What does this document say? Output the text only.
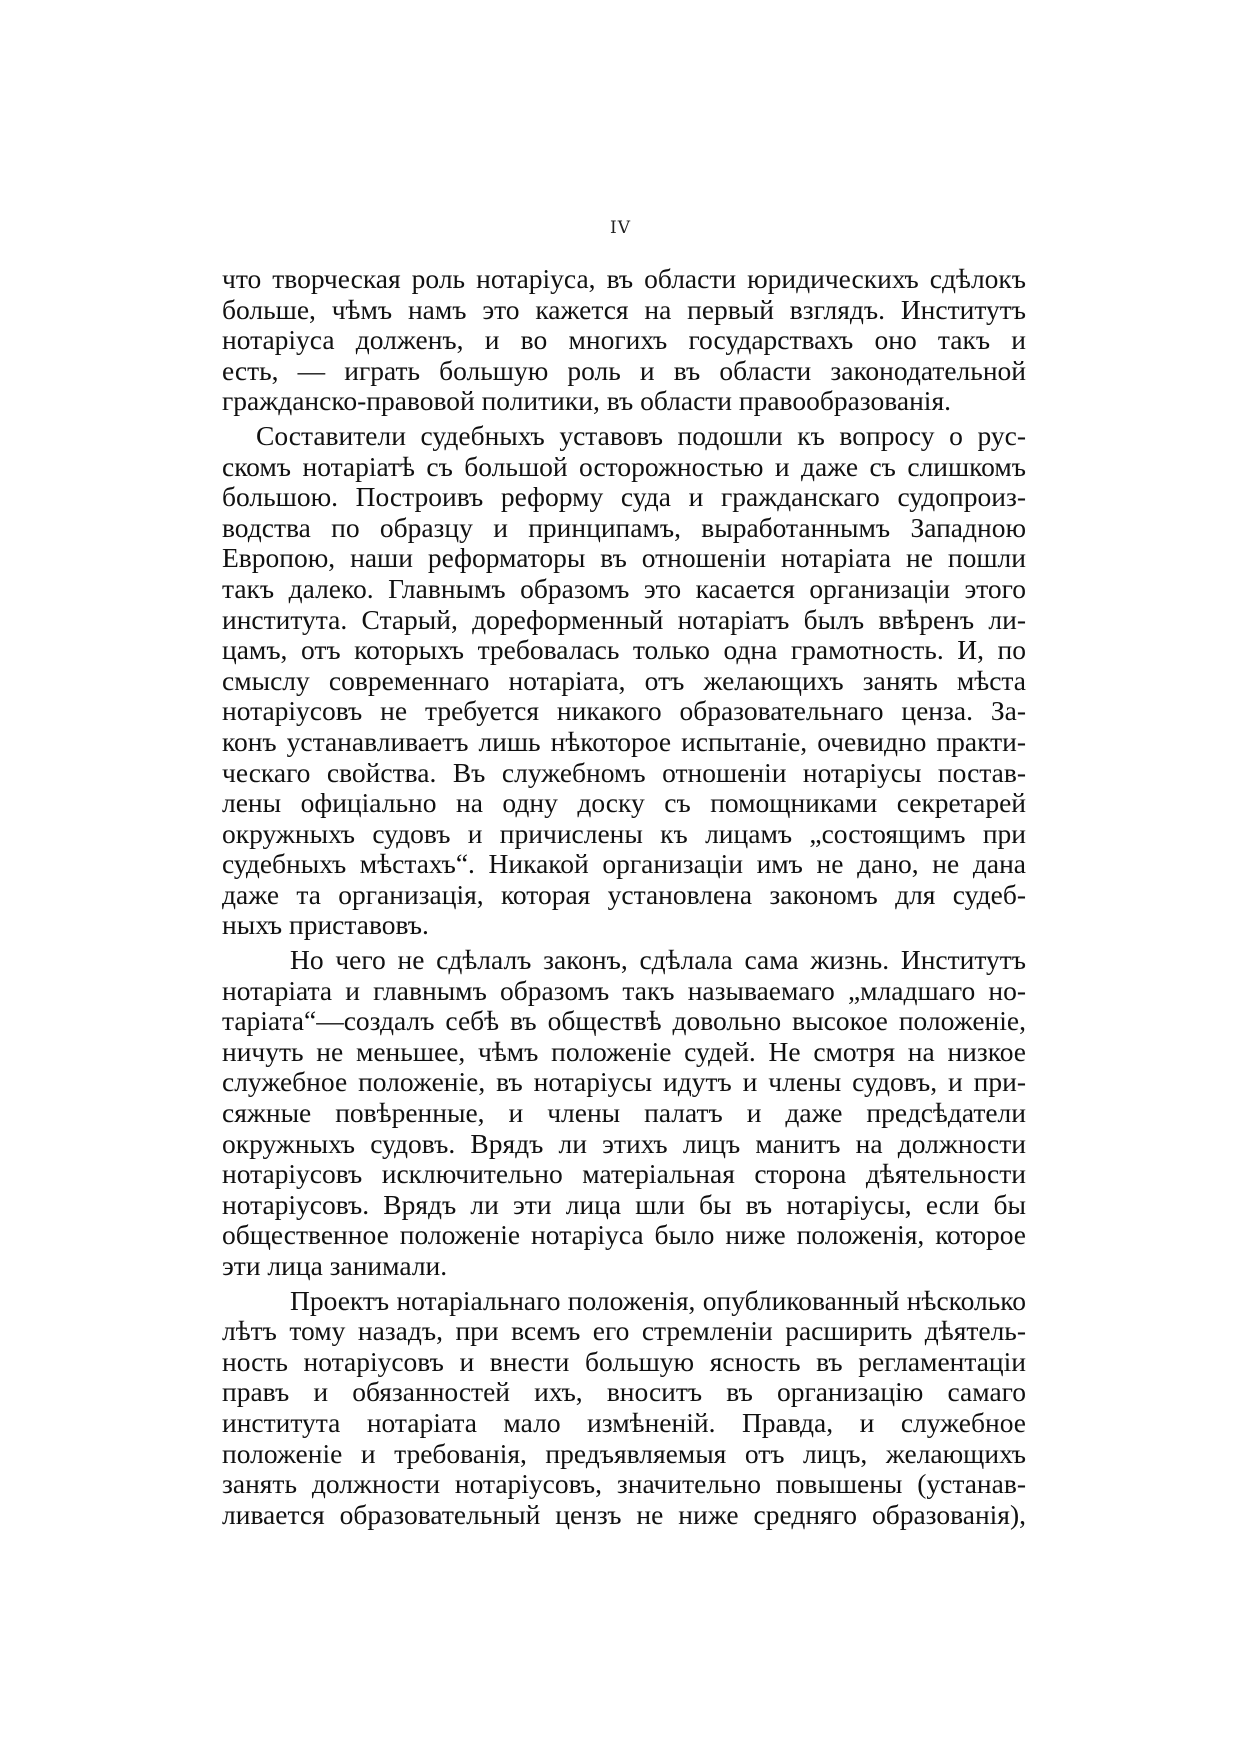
IV
что творческая роль нотаріуса, въ области юридическихъ сдѣлокъ
больше, чѣмъ намъ это кажется на первый взглядъ. Институтъ
нотаріуса долженъ, и во многихъ государствахъ оно такъ и
есть, — играть большую роль и въ области законодательной
гражданско-правовой политики, въ области правообразованія.
Составители судебныхъ уставовъ подошли къ вопросу о рус-
скомъ нотаріатѣ съ большой осторожностью и даже съ слишкомъ
большою. Построивъ реформу суда и гражданскаго судопроиз-
водства по образцу и принципамъ, выработаннымъ Западною
Европою, наши реформаторы въ отношеніи нотаріата не пошли
такъ далеко. Главнымъ образомъ это касается организаціи этого
института. Старый, дореформенный нотаріатъ былъ ввѣренъ ли-
цамъ, отъ которыхъ требовалась только одна грамотность. И, по
смыслу современнаго нотаріата, отъ желающихъ занять мѣста
нотаріусовъ не требуется никакого образовательнаго ценза. За-
конъ устанавливаетъ лишь нѣкоторое испытаніе, очевидно практи-
ческаго свойства. Въ служебномъ отношеніи нотаріусы постав-
лены офиціально на одну доску съ помощниками секретарей
окружныхъ судовъ и причислены къ лицамъ „состоящимъ при
судебныхъ мѣстахъ“. Никакой организаціи имъ не дано, не дана
даже та организація, которая установлена закономъ для судеб-
ныхъ приставовъ.
Но чего не сдѣлалъ законъ, сдѣлала сама жизнь. Институтъ
нотаріата и главнымъ образомъ такъ называемаго „младшаго но-
таріата“—создалъ себѣ въ обществѣ довольно высокое положеніе,
ничуть не меньшее, чѣмъ положеніе судей. Не смотря на низкое
служебное положеніе, въ нотаріусы идутъ и члены судовъ, и при-
сяжные повѣренные, и члены палатъ и даже предсѣдатели
окружныхъ судовъ. Врядъ ли этихъ лицъ манитъ на должности
нотаріусовъ исключительно матеріальная сторона дѣятельности
нотаріусовъ. Врядъ ли эти лица шли бы въ нотаріусы, если бы
общественное положеніе нотаріуса было ниже положенія, которое
эти лица занимали.
Проектъ нотаріальнаго положенія, опубликованный нѣсколько
лѣтъ тому назадъ, при всемъ его стремленіи расширить дѣятель-
ность нотаріусовъ и внести большую ясность въ регламентаціи
правъ и обязанностей ихъ, вноситъ въ организацію самаго
института нотаріата мало измѣненій. Правда, и служебное
положеніе и требованія, предъявляемыя отъ лицъ, желающихъ
занять должности нотаріусовъ, значительно повышены (устанав-
ливается образовательный цензъ не ниже средняго образованія),
